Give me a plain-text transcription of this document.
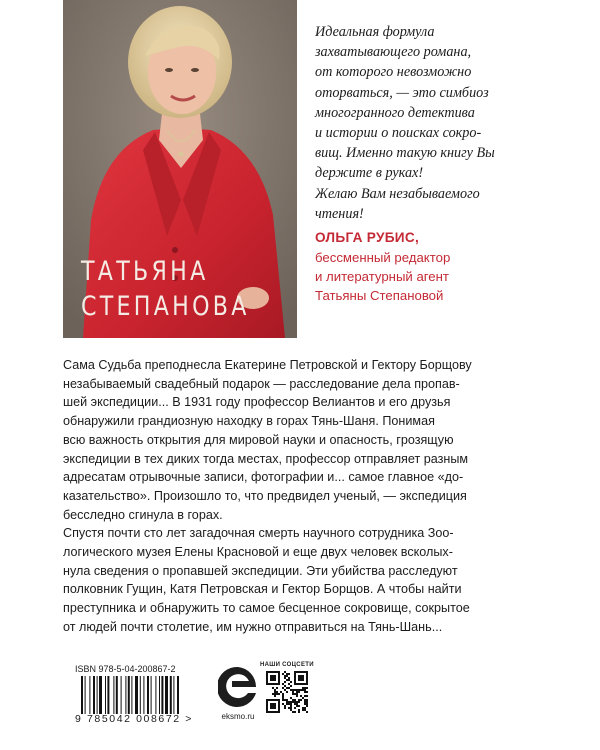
ТАТЬЯНА
СТЕПАНОВА
Идеальная формула
захватывающего романа,
от которого невозможно
оторваться, — это симбиоз
многогранного детектива
и истории о поисках сокро-
вищ. Именно такую книгу Вы
держите в руках!
Желаю Вам незабываемого
чтения!
ОЛЬГА РУБИС,
бессменный редактор
и литературный агент
Татьяны Степановой
Сама Судьба преподнесла Екатерине Петровской и Гектору Борщову
незабываемый свадебный подарок — расследование дела пропав-
шей экспедиции... В 1931 году профессор Велиантов и его друзья
обнаружили грандиозную находку в горах Тянь-Шаня. Понимая
всю важность открытия для мировой науки и опасность, грозящую
экспедиции в тех диких тогда местах, профессор отправляет разным
адресатам отрывочные записи, фотографии и... самое главное «до-
казательство». Произошло то, что предвидел ученый, — экспедиция
бесследно сгинула в горах.
Спустя почти сто лет загадочная смерть научного сотрудника Зоо-
логического музея Елены Красновой и еще двух человек всколых-
нула сведения о пропавшей экспедиции. Эти убийства расследуют
полковник Гущин, Катя Петровская и Гектор Борщов. А чтобы найти
преступника и обнаружить то самое бесценное сокровище, сокрытое
от людей почти столетие, им нужно отправиться на Тянь-Шань...
ISBN 978-5-04-200867-2
9 785042 008672 >	eksmo.ru
НАШИ СОЦСЕТИ
